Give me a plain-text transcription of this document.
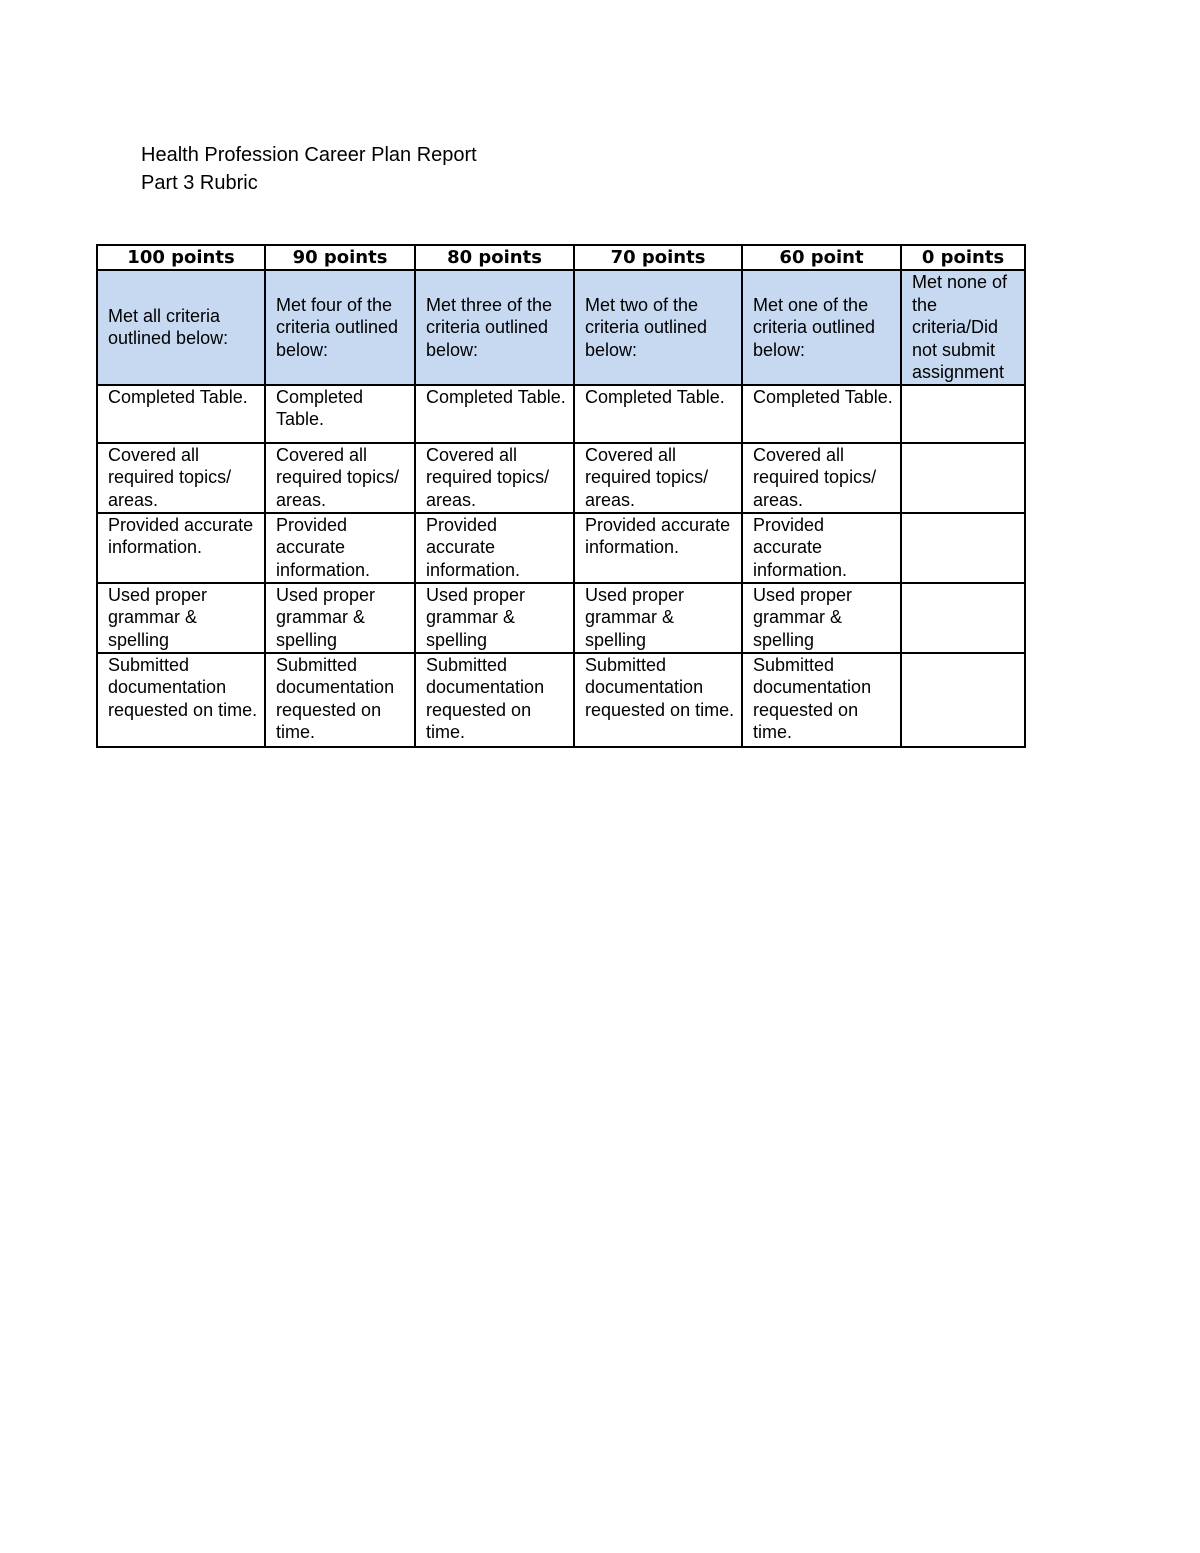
Health Profession Career Plan Report
Part 3 Rubric
100 points	90 points	80 points	70 points	60 point	0 points
Met all criteria outlined below:	Met four of the criteria outlined below:	Met three of the criteria outlined below:	Met two of the criteria outlined below:	Met one of the criteria outlined below:	Met none of the criteria/Did not submit assignment
Completed Table.	Completed Table.	Completed Table.	Completed Table.	Completed Table.	
Covered all required topics/ areas.	Covered all required topics/ areas.	Covered all required topics/ areas.	Covered all required topics/ areas.	Covered all required topics/ areas.	
Provided accurate information.	Provided accurate information.	Provided accurate information.	Provided accurate information.	Provided accurate information.	
Used proper grammar & spelling	Used proper grammar & spelling	Used proper grammar & spelling	Used proper grammar & spelling	Used proper grammar & spelling	
Submitted documentation requested on time.	Submitted documentation requested on time.	Submitted documentation requested on time.	Submitted documentation requested on time.	Submitted documentation requested on time.	
